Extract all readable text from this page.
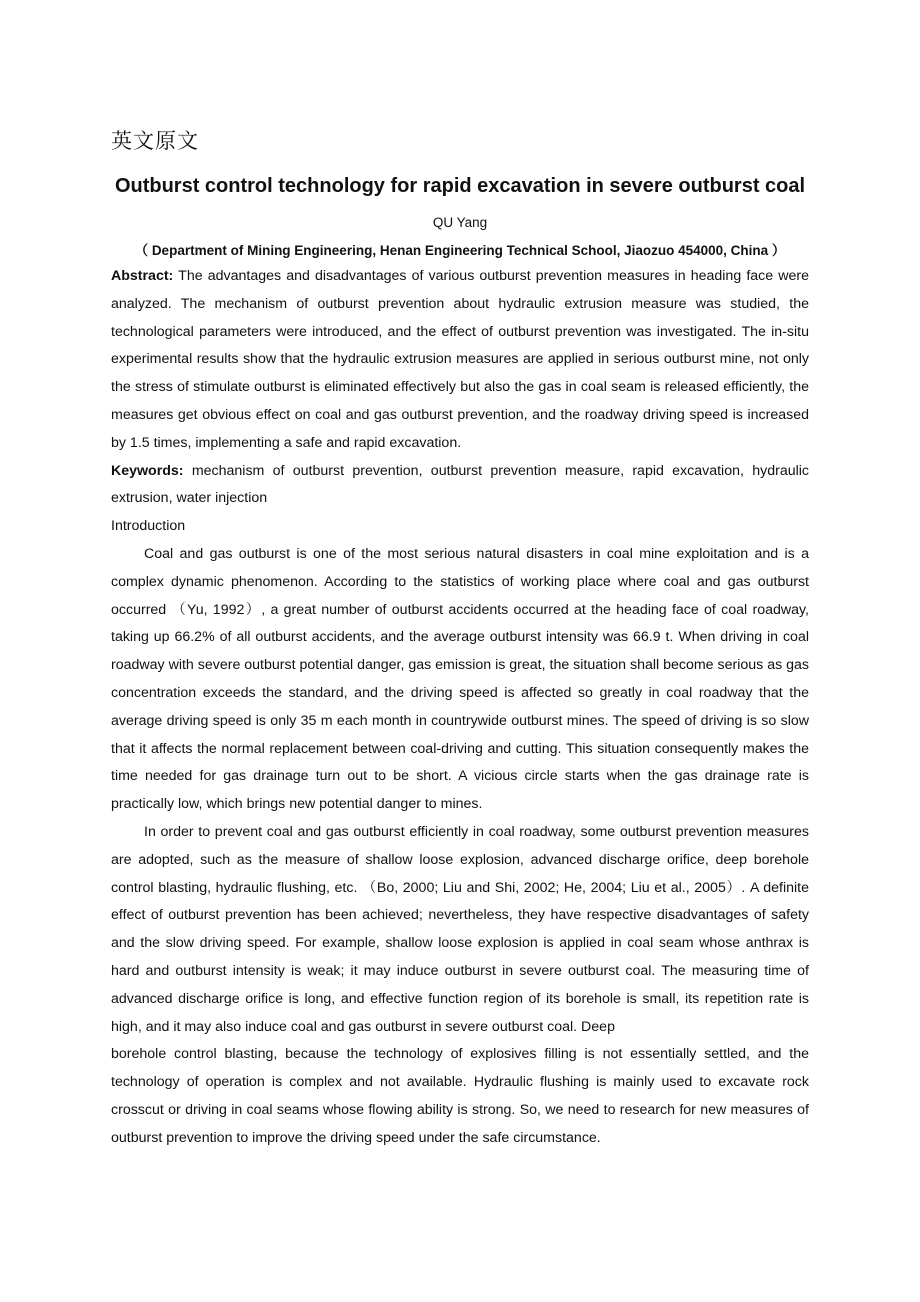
英文原文
Outburst control technology for rapid excavation in severe outburst coal
QU Yang
（ Department of Mining Engineering, Henan Engineering Technical School, Jiaozuo 454000, China ）

Abstract: The advantages and disadvantages of various outburst prevention measures in heading face were analyzed. The mechanism of outburst prevention about hydraulic extrusion measure was studied, the technological parameters were introduced, and the effect of outburst prevention was investigated. The in-situ experimental results show that the hydraulic extrusion measures are applied in serious outburst mine, not only the stress of stimulate outburst is eliminated effectively but also the gas in coal seam is released efficiently, the measures get obvious effect on coal and gas outburst prevention, and the roadway driving speed is increased by 1.5 times, implementing a safe and rapid excavation.

Keywords: mechanism of outburst prevention, outburst prevention measure, rapid excavation, hydraulic extrusion, water injection

Introduction

Coal and gas outburst is one of the most serious natural disasters in coal mine exploitation and is a complex dynamic phenomenon. According to the statistics of working place where coal and gas outburst occurred （Yu, 1992）, a great number of outburst accidents occurred at the heading face of coal roadway, taking up 66.2% of all outburst accidents, and the average outburst intensity was 66.9 t. When driving in coal roadway with severe outburst potential danger, gas emission is great, the situation shall become serious as gas concentration exceeds the standard, and the driving speed is affected so greatly in coal roadway that the average driving speed is only 35 m each month in countrywide outburst mines. The speed of driving is so slow that it affects the normal replacement between coal-driving and cutting. This situation consequently makes the time needed for gas drainage turn out to be short. A vicious circle starts when the gas drainage rate is practically low, which brings new potential danger to mines.

In order to prevent coal and gas outburst efficiently in coal roadway, some outburst prevention measures are adopted, such as the measure of shallow loose explosion, advanced discharge orifice, deep borehole control blasting, hydraulic flushing, etc. （Bo, 2000; Liu and Shi, 2002; He, 2004; Liu et al., 2005）. A definite effect of outburst prevention has been achieved; nevertheless, they have respective disadvantages of safety and the slow driving speed. For example, shallow loose explosion is applied in coal seam whose anthrax is hard and outburst intensity is weak; it may induce outburst in severe outburst coal. The measuring time of advanced discharge orifice is long, and effective function region of its borehole is small, its repetition rate is high, and it may also induce coal and gas outburst in severe outburst coal. Deep

borehole control blasting, because the technology of explosives filling is not essentially settled, and the technology of operation is complex and not available. Hydraulic flushing is mainly used to excavate rock crosscut or driving in coal seams whose flowing ability is strong. So, we need to research for new measures of outburst prevention to improve the driving speed under the safe circumstance.
